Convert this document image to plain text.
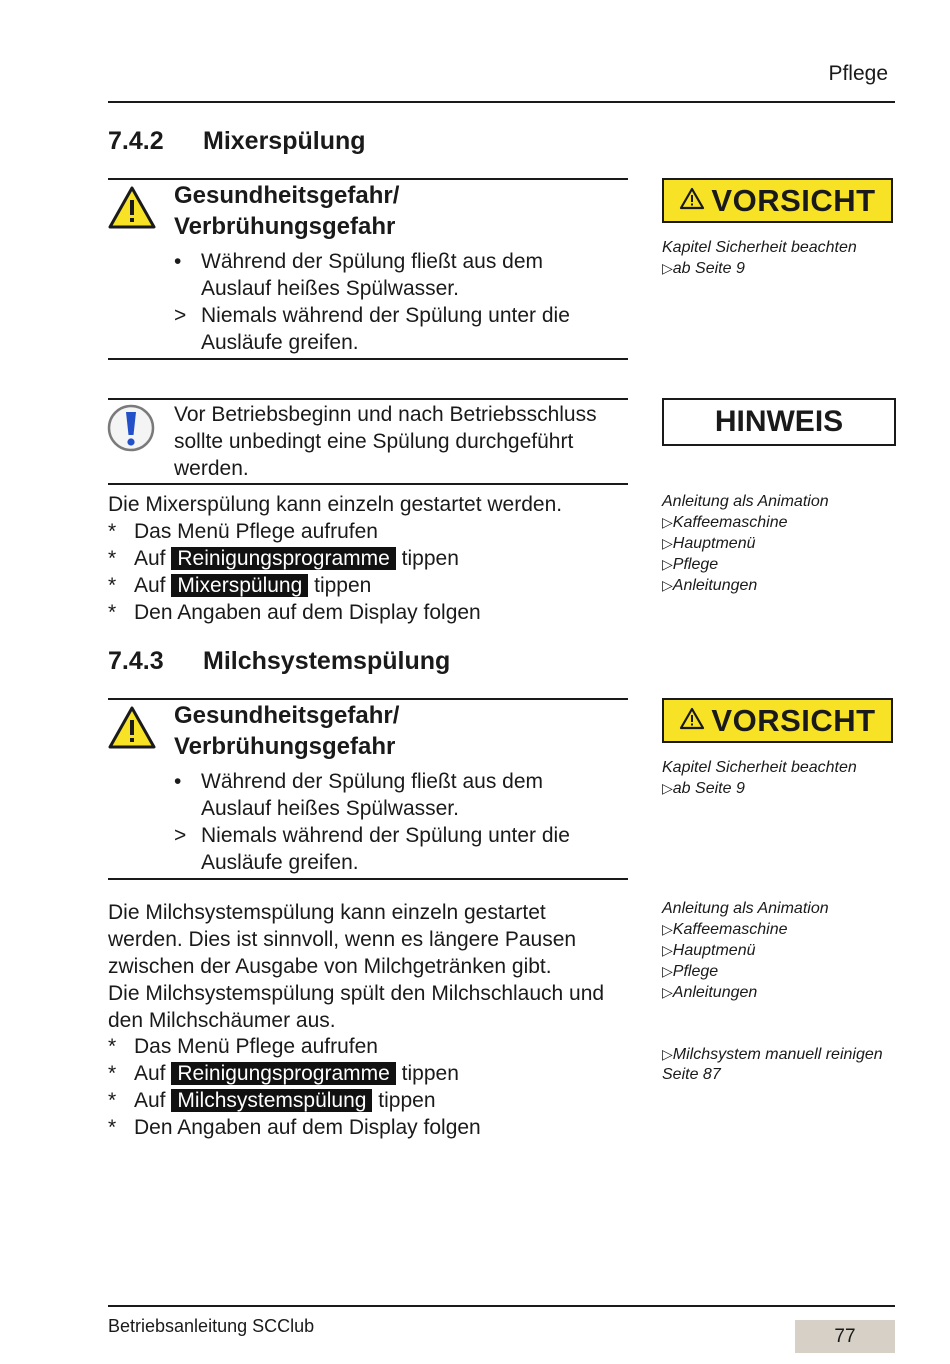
Pflege
7.4.2 Mixerspülung
Gesundheitsgefahr/
Verbrühungsgefahr
• Während der Spülung fließt aus dem
Auslauf heißes Spülwasser.
> Niemals während der Spülung unter die
Ausläufe greifen.
Vor Betriebsbeginn und nach Betriebsschluss
sollte unbedingt eine Spülung durchgeführt
werden.
Die Mixerspülung kann einzeln gestartet werden.
* Das Menü Pflege aufrufen
* Auf Reinigungsprogramme tippen
* Auf Mixerspülung tippen
* Den Angaben auf dem Display folgen
7.4.3 Milchsystemspülung
Gesundheitsgefahr/
Verbrühungsgefahr
• Während der Spülung fließt aus dem
Auslauf heißes Spülwasser.
> Niemals während der Spülung unter die
Ausläufe greifen.
Die Milchsystemspülung kann einzeln gestartet
werden. Dies ist sinnvoll, wenn es längere Pausen
zwischen der Ausgabe von Milchgetränken gibt.
Die Milchsystemspülung spült den Milchschlauch und
den Milchschäumer aus.
* Das Menü Pflege aufrufen
* Auf Reinigungsprogramme tippen
* Auf Milchsystemspülung tippen
* Den Angaben auf dem Display folgen
VORSICHT
Kapitel Sicherheit beachten
▷ab Seite 9
HINWEIS
Anleitung als Animation
▷Kaffeemaschine
▷Hauptmenü
▷Pflege
▷Anleitungen
VORSICHT
Kapitel Sicherheit beachten
▷ab Seite 9
Anleitung als Animation
▷Kaffeemaschine
▷Hauptmenü
▷Pflege
▷Anleitungen
▷Milchsystem manuell reinigen
Seite 87
Betriebsanleitung SCClub	77
